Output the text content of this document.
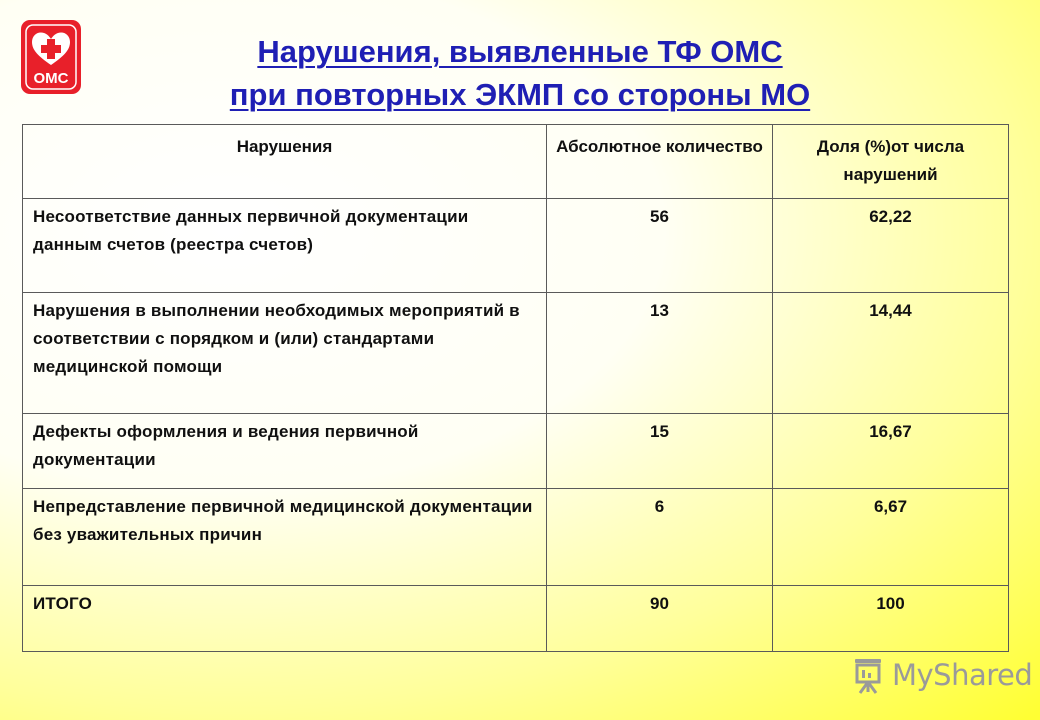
ОМС
Нарушения, выявленные ТФ ОМС
при повторных ЭКМП со стороны МО
Нарушения	Абсолютное количество	Доля (%)от числа нарушений
Несоответствие данных первичной документации данным счетов (реестра счетов)	56	62,22
Нарушения в выполнении необходимых мероприятий в соответствии с порядком и (или) стандартами медицинской помощи	13	14,44
Дефекты оформления и ведения первичной документации	15	16,67
Непредставление первичной медицинской документации без уважительных причин	6	6,67
ИТОГО	90	100
MyShared
